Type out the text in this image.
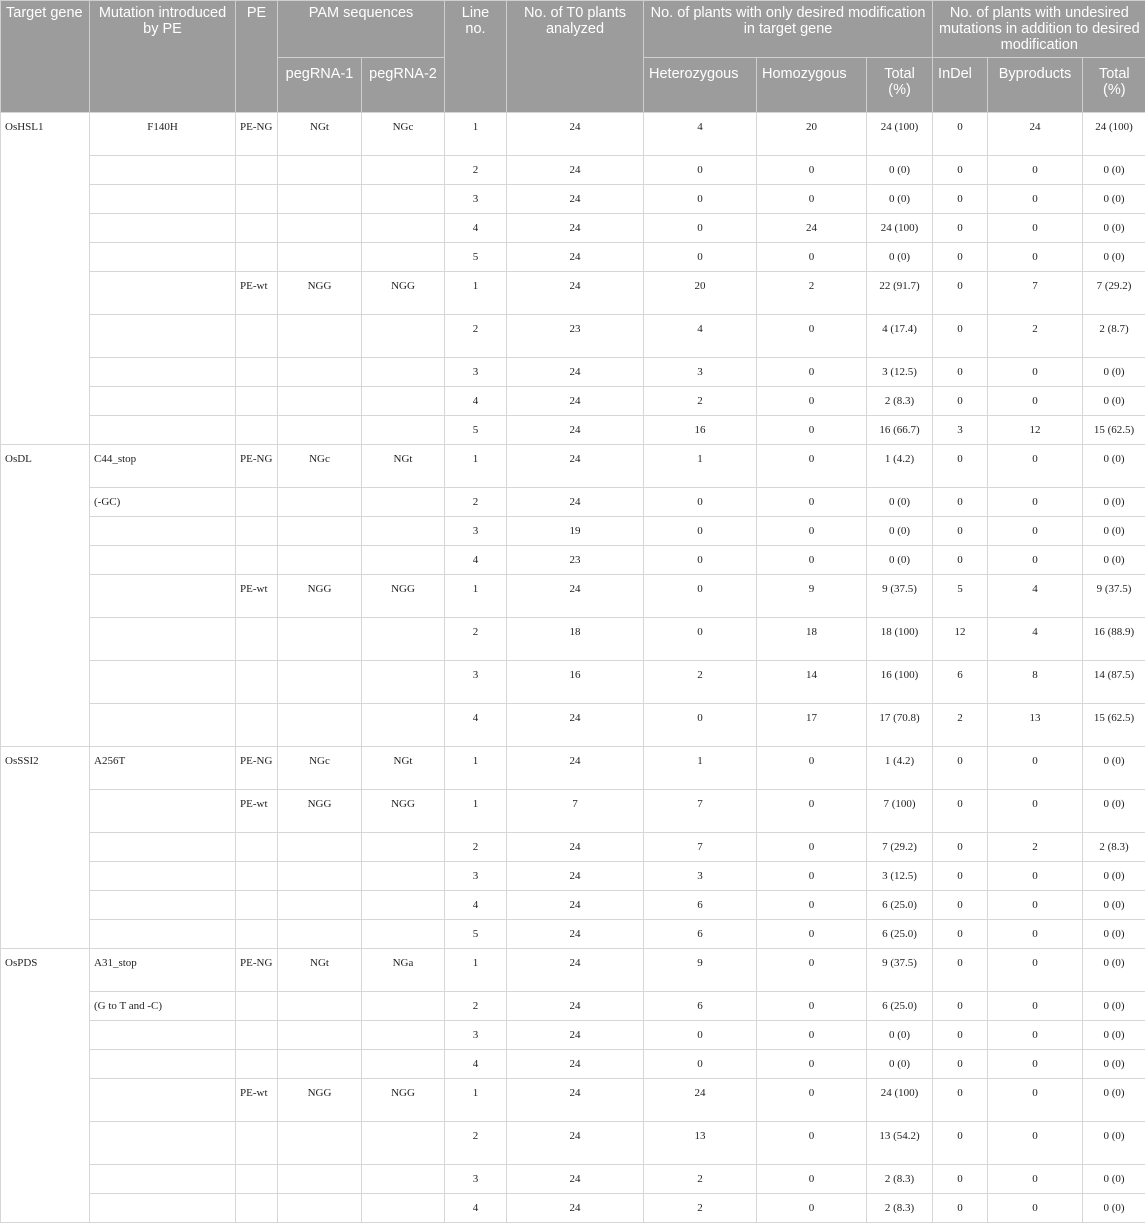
Target gene	Mutation introduced by PE	PE	PAM sequences		Line no.	No. of T0 plants analyzed	No. of plants with only desired modification in target gene			No. of plants with undesired mutations in addition to desired modification		
			pegRNA-1	pegRNA-2			Heterozygous	Homozygous	Total (%)	InDel	Byproducts	Total (%)
OsHSL1	F140H	PE-NG	NGt	NGc	1	24	4	20	24 (100)	0	24	24 (100)
					2	24	0	0	0 (0)	0	0	0 (0)
					3	24	0	0	0 (0)	0	0	0 (0)
					4	24	0	24	24 (100)	0	0	0 (0)
					5	24	0	0	0 (0)	0	0	0 (0)
		PE-wt	NGG	NGG	1	24	20	2	22 (91.7)	0	7	7 (29.2)
					2	23	4	0	4 (17.4)	0	2	2 (8.7)
					3	24	3	0	3 (12.5)	0	0	0 (0)
					4	24	2	0	2 (8.3)	0	0	0 (0)
					5	24	16	0	16 (66.7)	3	12	15 (62.5)
OsDL	C44_stop	PE-NG	NGc	NGt	1	24	1	0	1 (4.2)	0	0	0 (0)
	(-GC)				2	24	0	0	0 (0)	0	0	0 (0)
					3	19	0	0	0 (0)	0	0	0 (0)
					4	23	0	0	0 (0)	0	0	0 (0)
		PE-wt	NGG	NGG	1	24	0	9	9 (37.5)	5	4	9 (37.5)
					2	18	0	18	18 (100)	12	4	16 (88.9)
					3	16	2	14	16 (100)	6	8	14 (87.5)
					4	24	0	17	17 (70.8)	2	13	15 (62.5)
OsSSI2	A256T	PE-NG	NGc	NGt	1	24	1	0	1 (4.2)	0	0	0 (0)
		PE-wt	NGG	NGG	1	7	7	0	7 (100)	0	0	0 (0)
					2	24	7	0	7 (29.2)	0	2	2 (8.3)
					3	24	3	0	3 (12.5)	0	0	0 (0)
					4	24	6	0	6 (25.0)	0	0	0 (0)
					5	24	6	0	6 (25.0)	0	0	0 (0)
OsPDS	A31_stop	PE-NG	NGt	NGa	1	24	9	0	9 (37.5)	0	0	0 (0)
	(G to T and -C)				2	24	6	0	6 (25.0)	0	0	0 (0)
					3	24	0	0	0 (0)	0	0	0 (0)
					4	24	0	0	0 (0)	0	0	0 (0)
		PE-wt	NGG	NGG	1	24	24	0	24 (100)	0	0	0 (0)
					2	24	13	0	13 (54.2)	0	0	0 (0)
					3	24	2	0	2 (8.3)	0	0	0 (0)
					4	24	2	0	2 (8.3)	0	0	0 (0)
